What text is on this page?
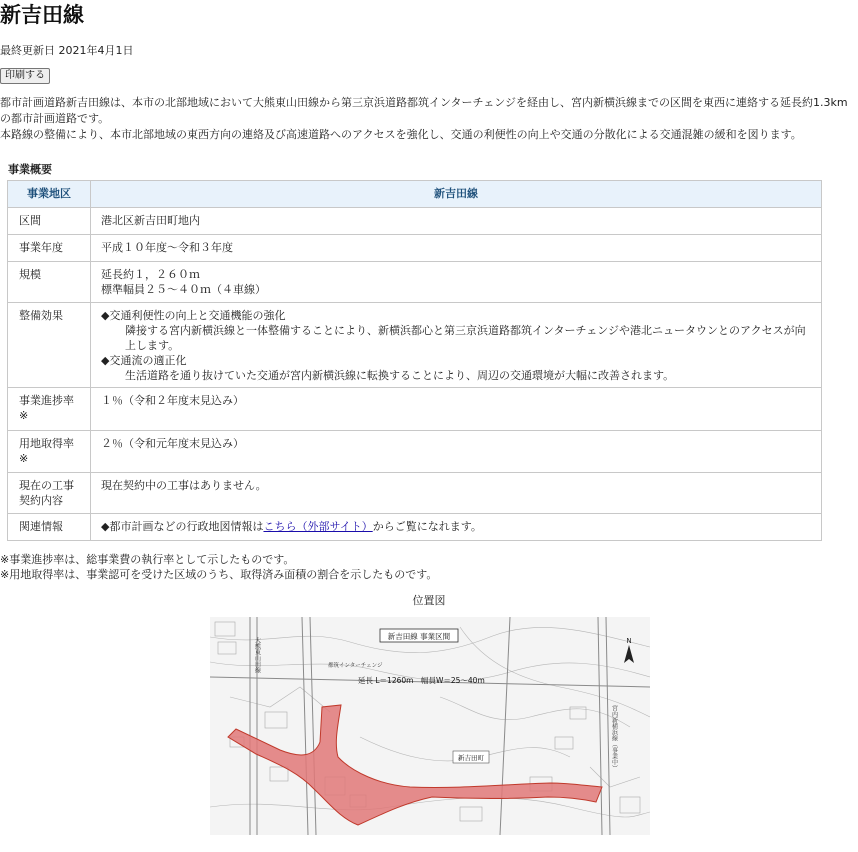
新吉田線
最終更新日 2021年4月1日
印刷する

都市計画道路新吉田線は、本市の北部地域において大熊東山田線から第三京浜道路都筑インターチェンジを経由し、宮内新横浜線までの区間を東西に連絡する延長約1.3kmの都市計画道路です。

本路線の整備により、本市北部地域の東西方向の連絡及び高速道路へのアクセスを強化し、交通の利便性の向上や交通の分散化による交通混雑の緩和を図ります。

事業概要
事業地区	新吉田線
区間	港北区新吉田町地内
事業年度	平成１０年度～令和３年度
規模	延長約１，２６０ｍ
標準幅員２５～４０ｍ（４車線）

整備効果	◆交通利便性の向上と交通機能の強化
隣接する宮内新横浜線と一体整備することにより、新横浜都心と第三京浜道路都筑インターチェンジや港北ニュータウンとのアクセスが向上します。
◆交通流の適正化
生活道路を通り抜けていた交通が宮内新横浜線に転換することにより、周辺の交通環境が大幅に改善されます。

事業進捗率
※	１％（令和２年度末見込み）

用地取得率
※	２％（令和元年度末見込み）

現在の工事
契約内容	現在契約中の工事はありません。
関連情報	◆都市計画などの行政地図情報はこちら（外部サイト）からご覧になれます。

※事業進捗率は、総事業費の執行率として示したものです。

※用地取得率は、事業認可を受けた区域のうち、取得済み面積の割合を示したものです。

位置図
新吉田線 事業区間
延長 L＝1260m　幅員W＝25～40m
新吉田町
都筑インターチェンジ
大熊東山田線
宮内新横浜線（事業中）
N
